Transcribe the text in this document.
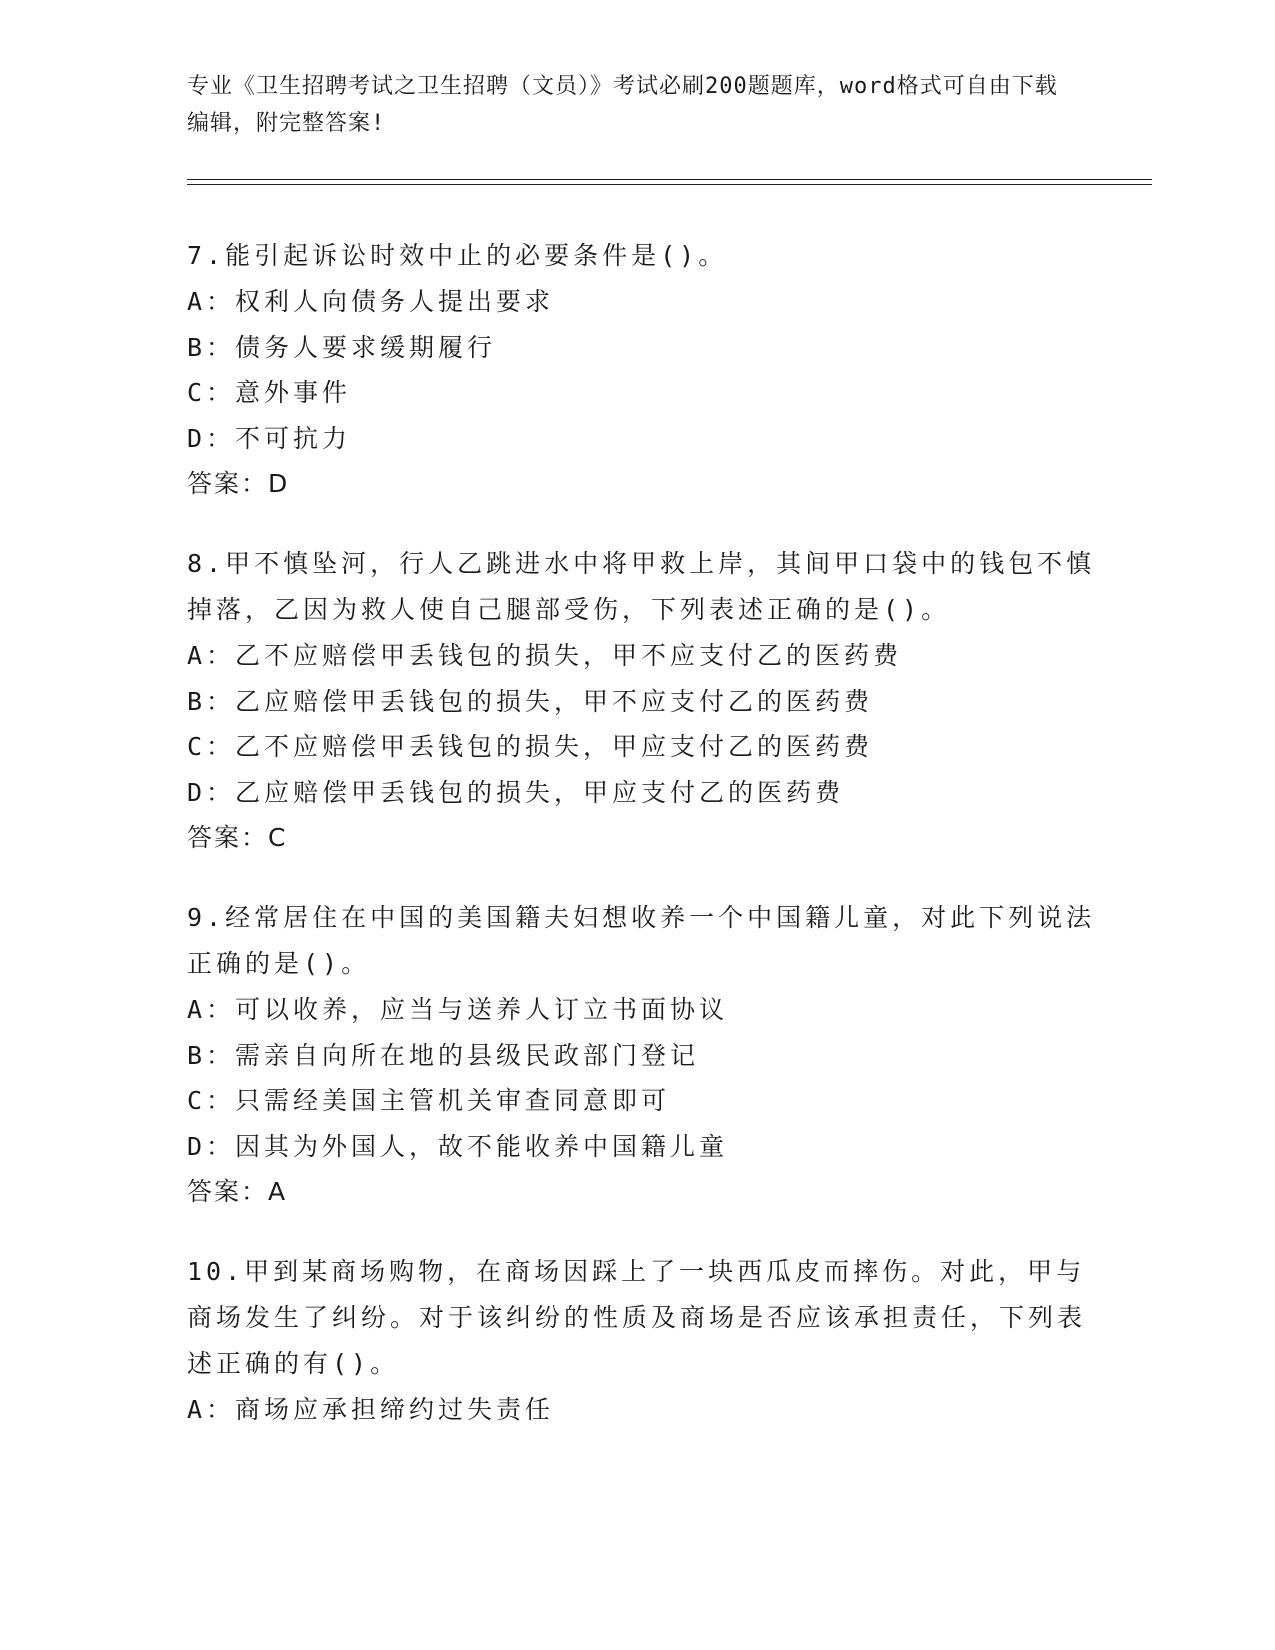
专业《卫生招聘考试之卫生招聘（文员）》考试必刷200题题库，word格式可自由下载编辑，附完整答案!

7.能引起诉讼时效中止的必要条件是()。

A：权利人向债务人提出要求

B：债务人要求缓期履行

C：意外事件

D：不可抗力

答案：D

8.甲不慎坠河，行人乙跳进水中将甲救上岸，其间甲口袋中的钱包不慎掉落，乙因为救人使自己腿部受伤，下列表述正确的是()。

A：乙不应赔偿甲丢钱包的损失，甲不应支付乙的医药费

B：乙应赔偿甲丢钱包的损失，甲不应支付乙的医药费

C：乙不应赔偿甲丢钱包的损失，甲应支付乙的医药费

D：乙应赔偿甲丢钱包的损失，甲应支付乙的医药费

答案：C

9.经常居住在中国的美国籍夫妇想收养一个中国籍儿童，对此下列说法正确的是()。

A：可以收养，应当与送养人订立书面协议

B：需亲自向所在地的县级民政部门登记

C：只需经美国主管机关审查同意即可

D：因其为外国人，故不能收养中国籍儿童

答案：A

10.甲到某商场购物，在商场因踩上了一块西瓜皮而摔伤。对此，甲与商场发生了纠纷。对于该纠纷的性质及商场是否应该承担责任，下列表述正确的有()。

A：商场应承担缔约过失责任
